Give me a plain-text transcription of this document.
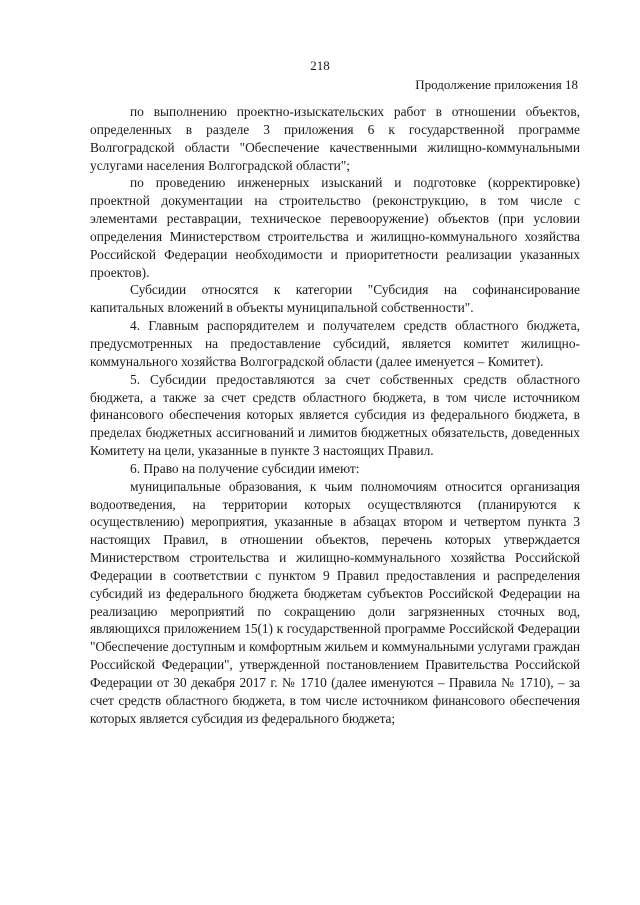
218
Продолжение приложения 18

по выполнению проектно-изыскательских работ в отношении объектов, определенных в разделе 3 приложения 6 к государственной программе Волгоградской области "Обеспечение качественными жилищно-коммунальными услугами населения Волгоградской области";

по проведению инженерных изысканий и подготовке (корректировке) проектной документации на строительство (реконструкцию, в том числе с элементами реставрации, техническое перевооружение) объектов (при условии определения Министерством строительства и жилищно-коммунального хозяйства Российской Федерации необходимости и приоритетности реализации указанных проектов).

Субсидии относятся к категории "Субсидия на софинансирование капитальных вложений в объекты муниципальной собственности".

4. Главным распорядителем и получателем средств областного бюджета, предусмотренных на предоставление субсидий, является комитет жилищно-коммунального хозяйства Волгоградской области (далее именуется – Комитет).

5. Субсидии предоставляются за счет собственных средств областного бюджета, а также за счет средств областного бюджета, в том числе источником финансового обеспечения которых является субсидия из федерального бюджета, в пределах бюджетных ассигнований и лимитов бюджетных обязательств, доведенных Комитету на цели, указанные в пункте 3 настоящих Правил.

6. Право на получение субсидии имеют:

муниципальные образования, к чьим полномочиям относится организация водоотведения, на территории которых осуществляются (планируются к осуществлению) мероприятия, указанные в абзацах втором и четвертом пункта 3 настоящих Правил, в отношении объектов, перечень которых утверждается Министерством строительства и жилищно-коммунального хозяйства Российской Федерации в соответствии с пунктом 9 Правил предоставления и распределения субсидий из федерального бюджета бюджетам субъектов Российской Федерации на реализацию мероприятий по сокращению доли загрязненных сточных вод, являющихся приложением 15(1) к государственной программе Российской Федерации "Обеспечение доступным и комфортным жильем и коммунальными услугами граждан Российской Федерации", утвержденной постановлением Правительства Российской Федерации от 30 декабря 2017 г. № 1710 (далее именуются – Правила № 1710), – за счет средств областного бюджета, в том числе источником финансового обеспечения которых является субсидия из федерального бюджета;
